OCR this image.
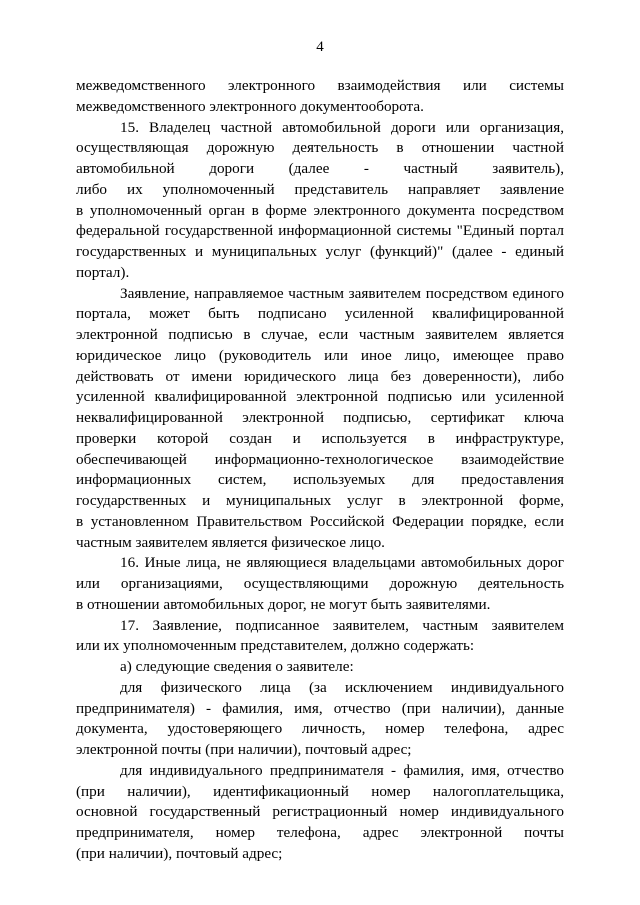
4

межведомственного электронного взаимодействия или системы
межведомственного электронного документооборота.

15. Владелец частной автомобильной дороги или организация,
осуществляющая дорожную деятельность в отношении частной
автомобильной дороги (далее - частный заявитель),
либо их уполномоченный представитель направляет заявление
в уполномоченный орган в форме электронного документа посредством
федеральной государственной информационной системы "Единый портал
государственных и муниципальных услуг (функций)" (далее - единый
портал).

Заявление, направляемое частным заявителем посредством единого
портала, может быть подписано усиленной квалифицированной
электронной подписью в случае, если частным заявителем является
юридическое лицо (руководитель или иное лицо, имеющее право
действовать от имени юридического лица без доверенности), либо
усиленной квалифицированной электронной подписью или усиленной
неквалифицированной электронной подписью, сертификат ключа
проверки которой создан и используется в инфраструктуре,
обеспечивающей информационно-технологическое взаимодействие
информационных систем, используемых для предоставления
государственных и муниципальных услуг в электронной форме,
в установленном Правительством Российской Федерации порядке, если
частным заявителем является физическое лицо.

16. Иные лица, не являющиеся владельцами автомобильных дорог
или организациями, осуществляющими дорожную деятельность
в отношении автомобильных дорог, не могут быть заявителями.

17. Заявление, подписанное заявителем, частным заявителем
или их уполномоченным представителем, должно содержать:

а) следующие сведения о заявителе:

для физического лица (за исключением индивидуального
предпринимателя) - фамилия, имя, отчество (при наличии), данные
документа, удостоверяющего личность, номер телефона, адрес
электронной почты (при наличии), почтовый адрес;

для индивидуального предпринимателя - фамилия, имя, отчество
(при наличии), идентификационный номер налогоплательщика,
основной государственный регистрационный номер индивидуального
предпринимателя, номер телефона, адрес электронной почты
(при наличии), почтовый адрес;
